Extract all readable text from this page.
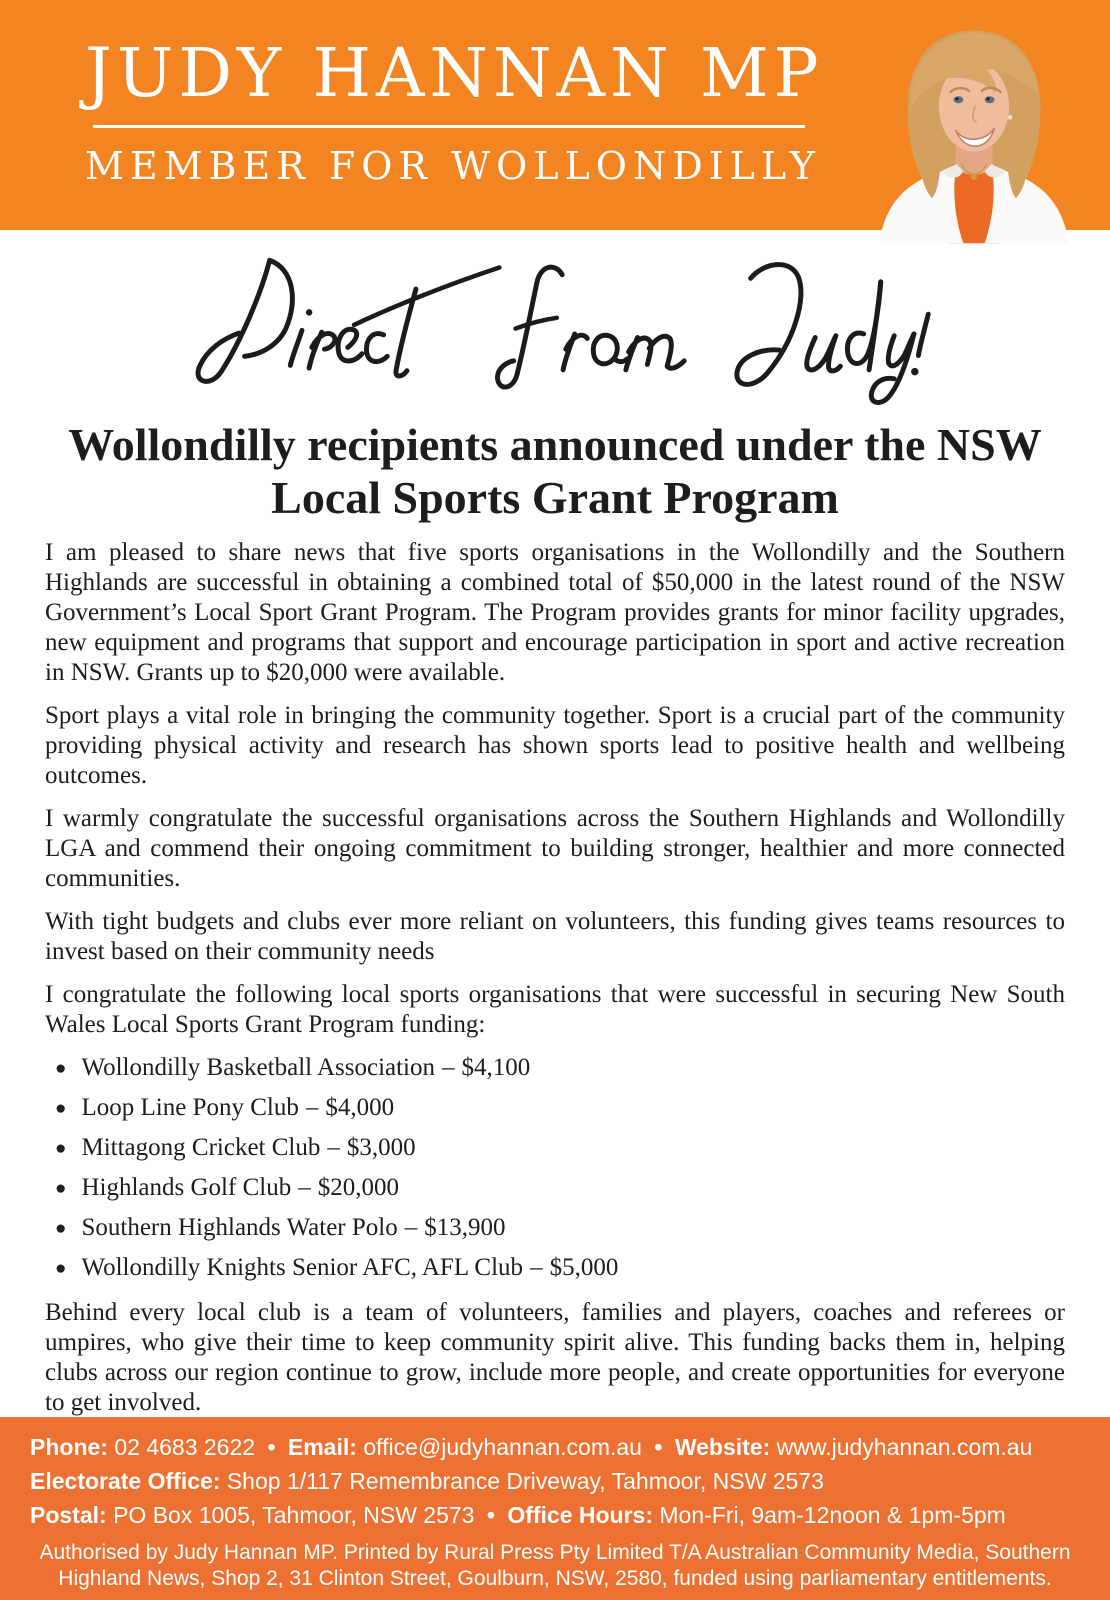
JUDY HANNAN MP
MEMBER FOR WOLLONDILLY
Wollondilly recipients announced under the NSW Local Sports Grant Program

I am pleased to share news that five sports organisations in the Wollondilly and the Southern Highlands are successful in obtaining a combined total of $50,000 in the latest round of the NSW Government’s Local Sport Grant Program. The Program provides grants for minor facility upgrades, new equipment and programs that support and encourage participation in sport and active recreation in NSW. Grants up to $20,000 were available.

Sport plays a vital role in bringing the community together. Sport is a crucial part of the community providing physical activity and research has shown sports lead to positive health and wellbeing outcomes.

I warmly congratulate the successful organisations across the Southern Highlands and Wollondilly LGA and commend their ongoing commitment to building stronger, healthier and more connected communities.

With tight budgets and clubs ever more reliant on volunteers, this funding gives teams resources to invest based on their community needs

I congratulate the following local sports organisations that were successful in securing New South Wales Local Sports Grant Program funding:

● Wollondilly Basketball Association – $4,100
● Loop Line Pony Club – $4,000
● Mittagong Cricket Club – $3,000
● Highlands Golf Club – $20,000
● Southern Highlands Water Polo – $13,900
● Wollondilly Knights Senior AFC, AFL Club – $5,000

Behind every local club is a team of volunteers, families and players, coaches and referees or umpires, who give their time to keep community spirit alive. This funding backs them in, helping clubs across our region continue to grow, include more people, and create opportunities for everyone to get involved.

Phone: 02 4683 2622 • Email: office@judyhannan.com.au • Website: www.judyhannan.com.au
Electorate Office: Shop 1/117 Remembrance Driveway, Tahmoor, NSW 2573
Postal: PO Box 1005, Tahmoor, NSW 2573 • Office Hours: Mon-Fri, 9am-12noon & 1pm-5pm
Authorised by Judy Hannan MP. Printed by Rural Press Pty Limited T/A Australian Community Media, Southern Highland News, Shop 2, 31 Clinton Street, Goulburn, NSW, 2580, funded using parliamentary entitlements.
